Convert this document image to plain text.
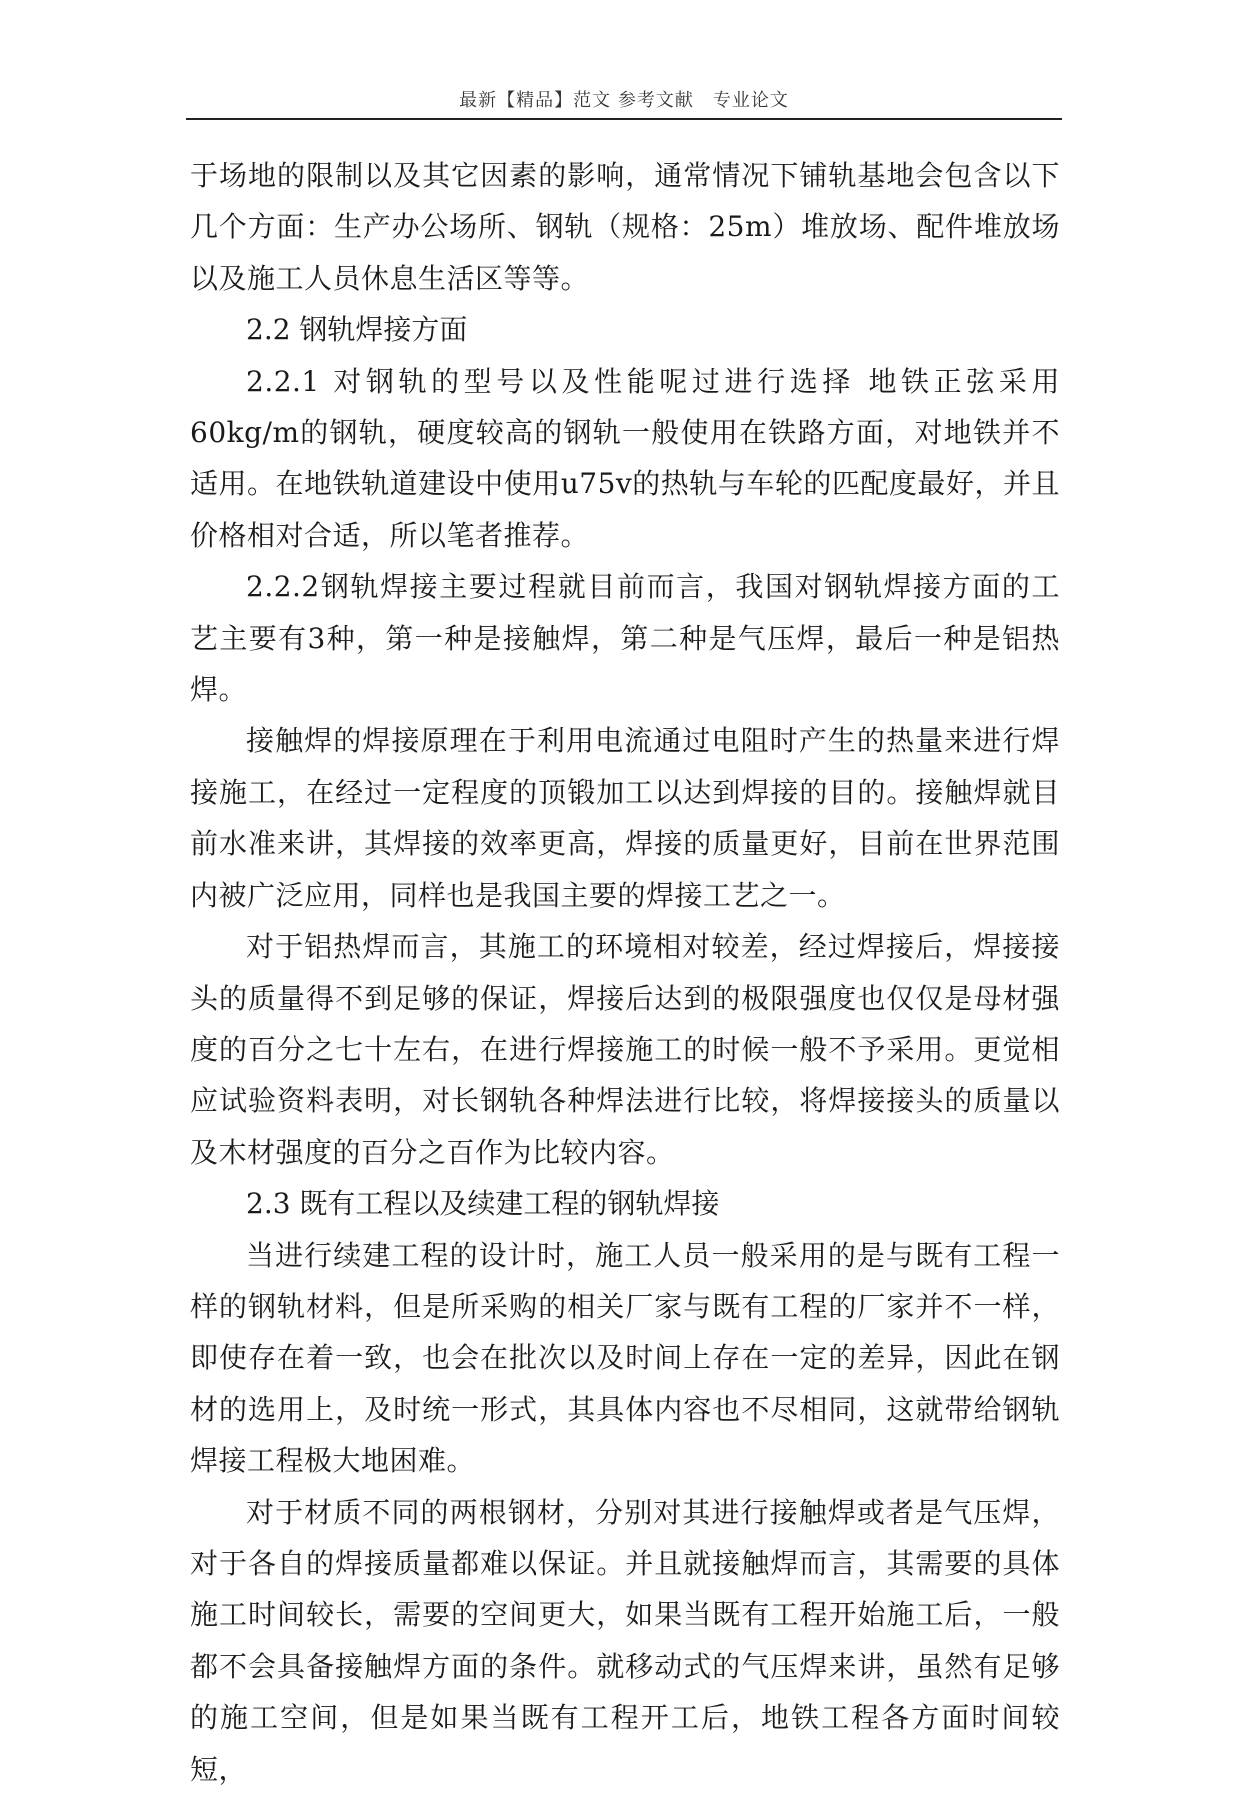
最新【精品】范文 参考文献　专业论文

于场地的限制以及其它因素的影响，通常情况下铺轨基地会包含以下几个方面：生产办公场所、钢轨（规格：25m）堆放场、配件堆放场以及施工人员休息生活区等等。

2.2 钢轨焊接方面

2.2.1 对钢轨的型号以及性能呢过进行选择 地铁正弦采用60kg/m的钢轨，硬度较高的钢轨一般使用在铁路方面，对地铁并不适用。在地铁轨道建设中使用u75v的热轨与车轮的匹配度最好，并且价格相对合适，所以笔者推荐。

2.2.2钢轨焊接主要过程就目前而言，我国对钢轨焊接方面的工艺主要有3种，第一种是接触焊，第二种是气压焊，最后一种是铝热焊。

接触焊的焊接原理在于利用电流通过电阻时产生的热量来进行焊接施工，在经过一定程度的顶锻加工以达到焊接的目的。接触焊就目前水准来讲，其焊接的效率更高，焊接的质量更好，目前在世界范围内被广泛应用，同样也是我国主要的焊接工艺之一。

对于铝热焊而言，其施工的环境相对较差，经过焊接后，焊接接头的质量得不到足够的保证，焊接后达到的极限强度也仅仅是母材强度的百分之七十左右，在进行焊接施工的时候一般不予采用。更觉相应试验资料表明，对长钢轨各种焊法进行比较，将焊接接头的质量以及木材强度的百分之百作为比较内容。

2.3 既有工程以及续建工程的钢轨焊接

当进行续建工程的设计时，施工人员一般采用的是与既有工程一样的钢轨材料，但是所采购的相关厂家与既有工程的厂家并不一样，即使存在着一致，也会在批次以及时间上存在一定的差异，因此在钢材的选用上，及时统一形式，其具体内容也不尽相同，这就带给钢轨焊接工程极大地困难。

对于材质不同的两根钢材，分别对其进行接触焊或者是气压焊，对于各自的焊接质量都难以保证。并且就接触焊而言，其需要的具体施工时间较长，需要的空间更大，如果当既有工程开始施工后，一般都不会具备接触焊方面的条件。就移动式的气压焊来讲，虽然有足够的施工空间，但是如果当既有工程开工后，地铁工程各方面时间较短，
